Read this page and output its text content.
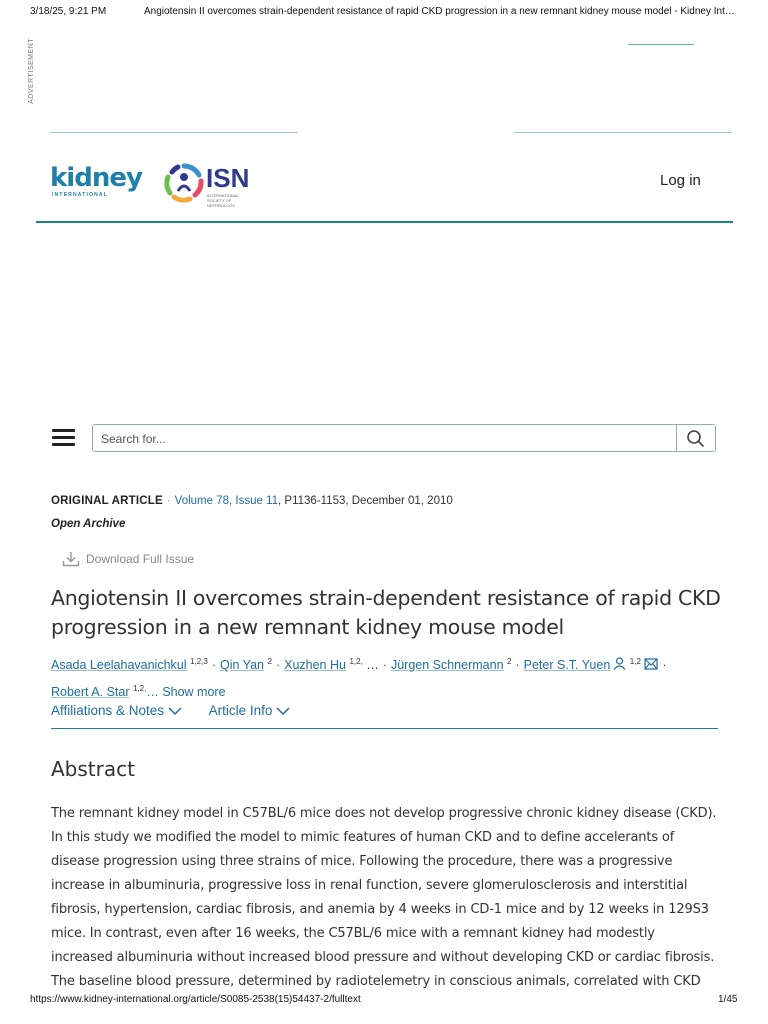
3/18/25, 9:21 PM	Angiotensin II overcomes strain-dependent resistance of rapid CKD progression in a new remnant kidney mouse model - Kidney Int…
ADVERTISEMENT
kidney
INTERNATIONAL
ISN
INTERNATIONAL SOCIETY OF NEPHROLOGY
Log in
Search for...
ORIGINAL ARTICLE · Volume 78, Issue 11, P1136-1153, December 01, 2010
Open Archive
Download Full Issue
Angiotensin II overcomes strain-dependent resistance of rapid CKD progression in a new remnant kidney mouse model
Asada Leelahavanichkul $^{1,2,3}$ · Qin Yan $^2$ · Xuzhen Hu $^{1,2,}$ … · Jürgen Schnermann $^2$ · Peter S.T. Yuen $^{1,2}$ ·
Robert A. Star $^{1,2,}$… Show more
Affiliations & Notes
	Article Info
Abstract
The remnant kidney model in C57BL/6 mice does not develop progressive chronic kidney disease (CKD). In this study we modified the model to mimic features of human CKD and to define accelerants of disease progression using three strains of mice. Following the procedure, there was a progressive increase in albuminuria, progressive loss in renal function, severe glomerulosclerosis and interstitial fibrosis, hypertension, cardiac fibrosis, and anemia by 4 weeks in CD-1 mice and by 12 weeks in 129S3 mice. In contrast, even after 16 weeks, the C57BL/6 mice with a remnant kidney had modestly increased albuminuria without increased blood pressure and without developing CKD or cardiac fibrosis. The baseline blood pressure, determined by radiotelemetry in conscious animals, correlated with CKD
https://www.kidney-international.org/article/S0085-2538(15)54437-2/fulltext	1/45
